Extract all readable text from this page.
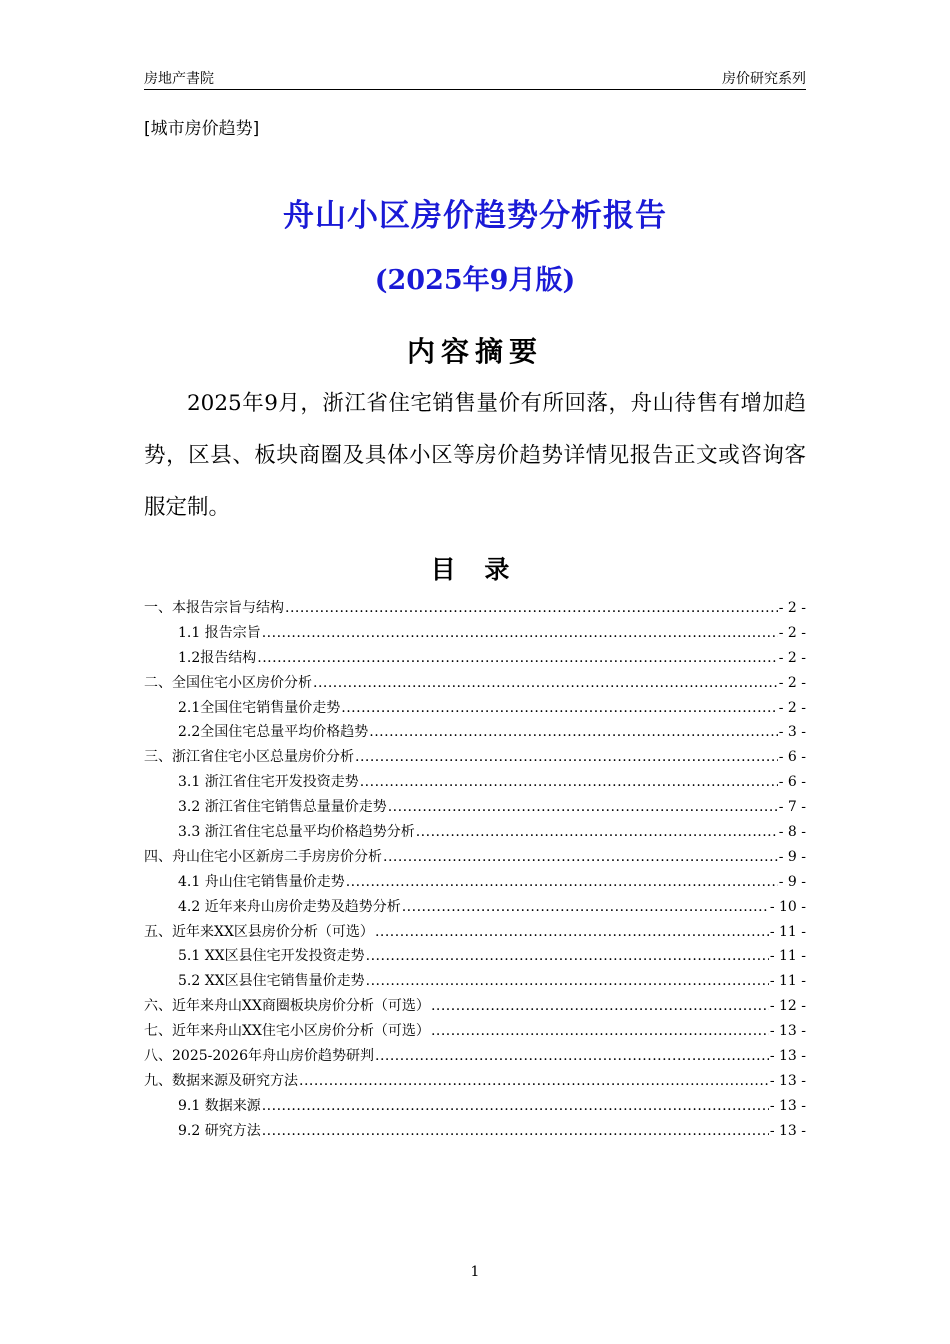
房地产書院	房价研究系列
[城市房价趋势]
舟山小区房价趋势分析报告
(2025年9月版)
内容摘要
2025年9月，浙江省住宅销售量价有所回落，舟山待售有增加趋势，区县、板块商圈及具体小区等房价趋势详情见报告正文或咨询客服定制。
目 录
一、本报告宗旨与结构 .....	- 2 -
1.1 报告宗旨 .....	- 2 -
1.2报告结构 .....	- 2 -
二、全国住宅小区房价分析 .....	- 2 -
2.1全国住宅销售量价走势 .....	- 2 -
2.2全国住宅总量平均价格趋势 .....	- 3 -
三、浙江省住宅小区总量房价分析 .....	- 6 -
3.1 浙江省住宅开发投资走势 .....	- 6 -
3.2 浙江省住宅销售总量量价走势 .....	- 7 -
3.3 浙江省住宅总量平均价格趋势分析 .....	- 8 -
四、舟山住宅小区新房二手房房价分析 .....	- 9 -
4.1 舟山住宅销售量价走势 .....	- 9 -
4.2 近年来舟山房价走势及趋势分析 .....	- 10 -
五、近年来XX区县房价分析（可选） .....	- 11 -
5.1 XX区县住宅开发投资走势 .....	- 11 -
5.2 XX区县住宅销售量价走势 .....	- 11 -
六、近年来舟山XX商圈板块房价分析（可选） .....	- 12 -
七、近年来舟山XX住宅小区房价分析（可选） .....	- 13 -
八、2025-2026年舟山房价趋势研判 .....	- 13 -
九、数据来源及研究方法 .....	- 13 -
9.1 数据来源 .....	- 13 -
9.2 研究方法 .....	- 13 -
1
